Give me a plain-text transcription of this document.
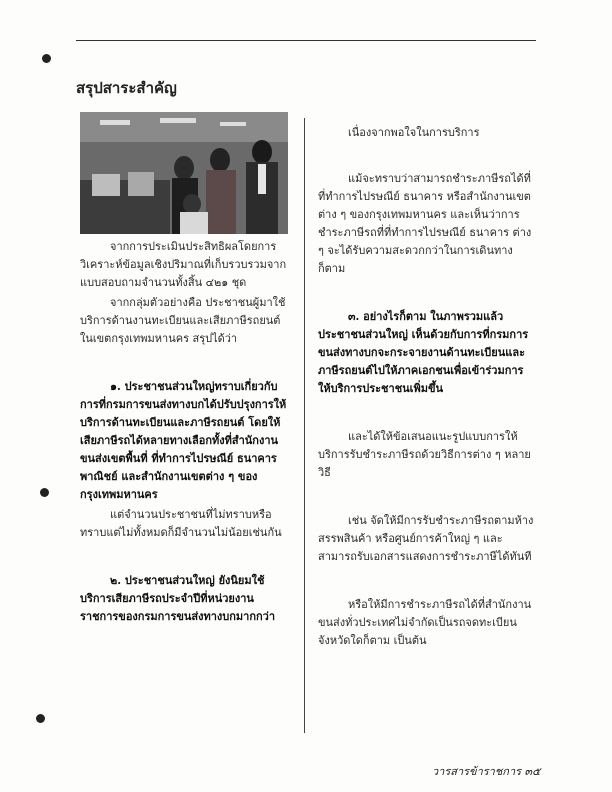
สรุปสาระสำคัญ

จากการประเมินประสิทธิผลโดยการวิเคราะห์ข้อมูลเชิงปริมาณที่เก็บรวบรวมจากแบบสอบถามจำนวนทั้งสิ้น ๔๒๑ ชุด

จากกลุ่มตัวอย่างคือ ประชาชนผู้มาใช้บริการด้านงานทะเบียนและเสียภาษีรถยนต์ในเขตกรุงเทพมหานคร สรุปได้ว่า

๑. ประชาชนส่วนใหญ่ทราบเกี่ยวกับการที่กรมการขนส่งทางบกได้ปรับปรุงการให้บริการด้านทะเบียนและภาษีรถยนต์ โดยให้เสียภาษีรถได้หลายทางเลือกทั้งที่สำนักงานขนส่งเขตพื้นที่ ที่ทำการไปรษณีย์ ธนาคารพาณิชย์ และสำนักงานเขตต่าง ๆ ของกรุงเทพมหานคร

แต่จำนวนประชาชนที่ไม่ทราบหรือทราบแต่ไม่ทั้งหมดก็มีจำนวนไม่น้อยเช่นกัน

๒. ประชาชนส่วนใหญ่ ยังนิยมใช้บริการเสียภาษีรถประจำปีที่หน่วยงานราชการของกรมการขนส่งทางบกมากกว่า

เนื่องจากพอใจในการบริการ

แม้จะทราบว่าสามารถชำระภาษีรถได้ที่ที่ทำการไปรษณีย์ ธนาคาร หรือสำนักงานเขตต่าง ๆ ของกรุงเทพมหานคร และเห็นว่าการชำระภาษีรถที่ที่ทำการไปรษณีย์ ธนาคาร ต่าง ๆ จะได้รับความสะดวกกว่าในการเดินทางก็ตาม

๓. อย่างไรก็ตาม ในภาพรวมแล้วประชาชนส่วนใหญ่ เห็นด้วยกับการที่กรมการขนส่งทางบกจะกระจายงานด้านทะเบียนและภาษีรถยนต์ไปให้ภาคเอกชนเพื่อเข้าร่วมการให้บริการประชาชนเพิ่มขึ้น

และได้ให้ข้อเสนอแนะรูปแบบการให้บริการรับชำระภาษีรถด้วยวิธีการต่าง ๆ หลายวิธี

เช่น จัดให้มีการรับชำระภาษีรถตามห้างสรรพสินค้า หรือศูนย์การค้าใหญ่ ๆ และสามารถรับเอกสารแสดงการชำระภาษีได้ทันที

หรือให้มีการชำระภาษีรถได้ที่สำนักงานขนส่งทั่วประเทศไม่จำกัดเป็นรถจดทะเบียนจังหวัดใดก็ตาม เป็นต้น

วารสารข้าราชการ ๓๕
